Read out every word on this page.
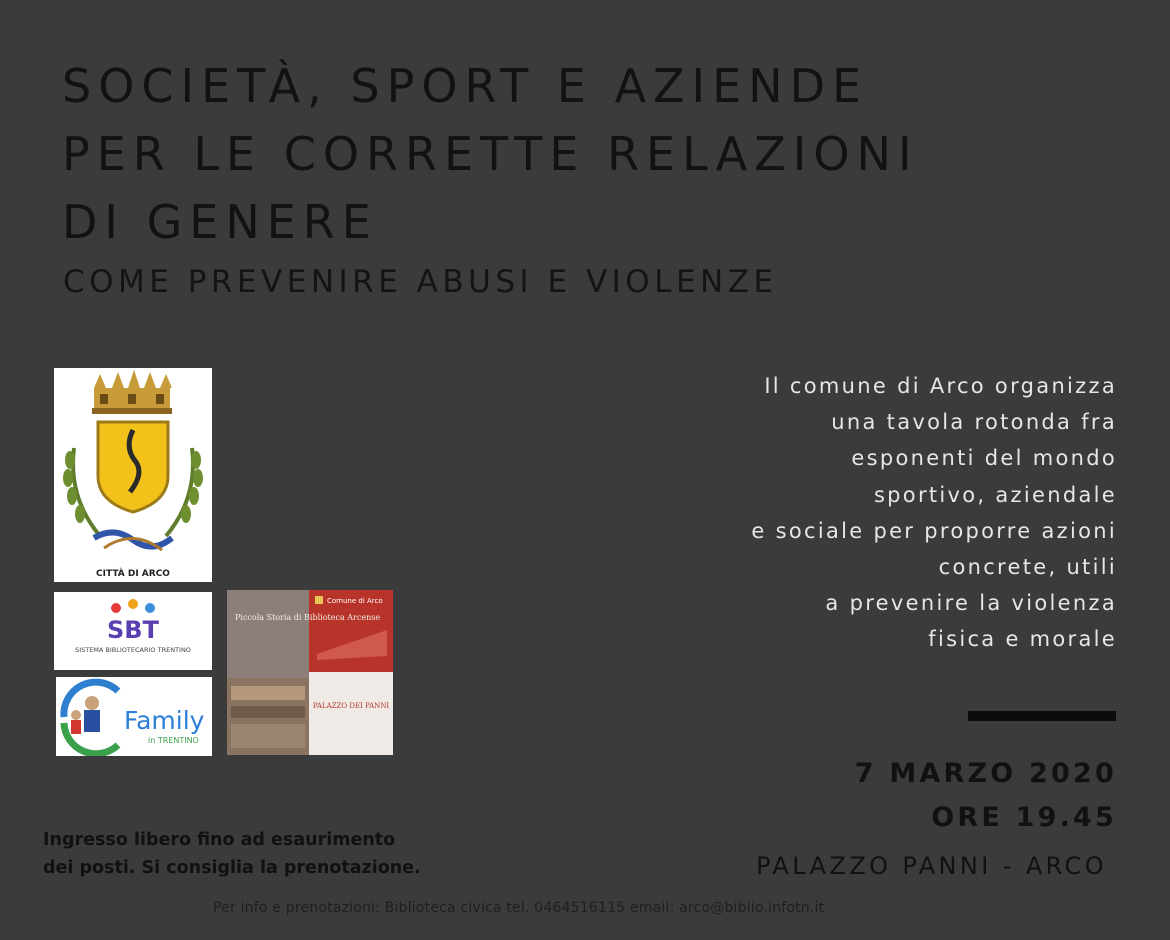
SOCIETÀ, SPORT E AZIENDE
PER LE CORRETTE RELAZIONI
DI GENERE
COME PREVENIRE ABUSI E VIOLENZE
CITTÀ DI ARCO
SBT
SISTEMA BIBLIOTECARIO TRENTINO
Family
in TRENTINO
Comune di Arco
Piccola Storia di Biblioteca Arcense
PALAZZO DEI PANNI
Il comune di Arco organizza
una tavola rotonda fra
esponenti del mondo
sportivo, aziendale
e sociale per proporre azioni
concrete, utili
a prevenire la violenza
fisica e morale
7 MARZO 2020
ORE 19.45
PALAZZO PANNI - ARCO
Ingresso libero fino ad esaurimento
dei posti. Si consiglia la prenotazione.
Per info e prenotazioni: Biblioteca civica tel. 0464516115 email: arco@biblio.infotn.it
